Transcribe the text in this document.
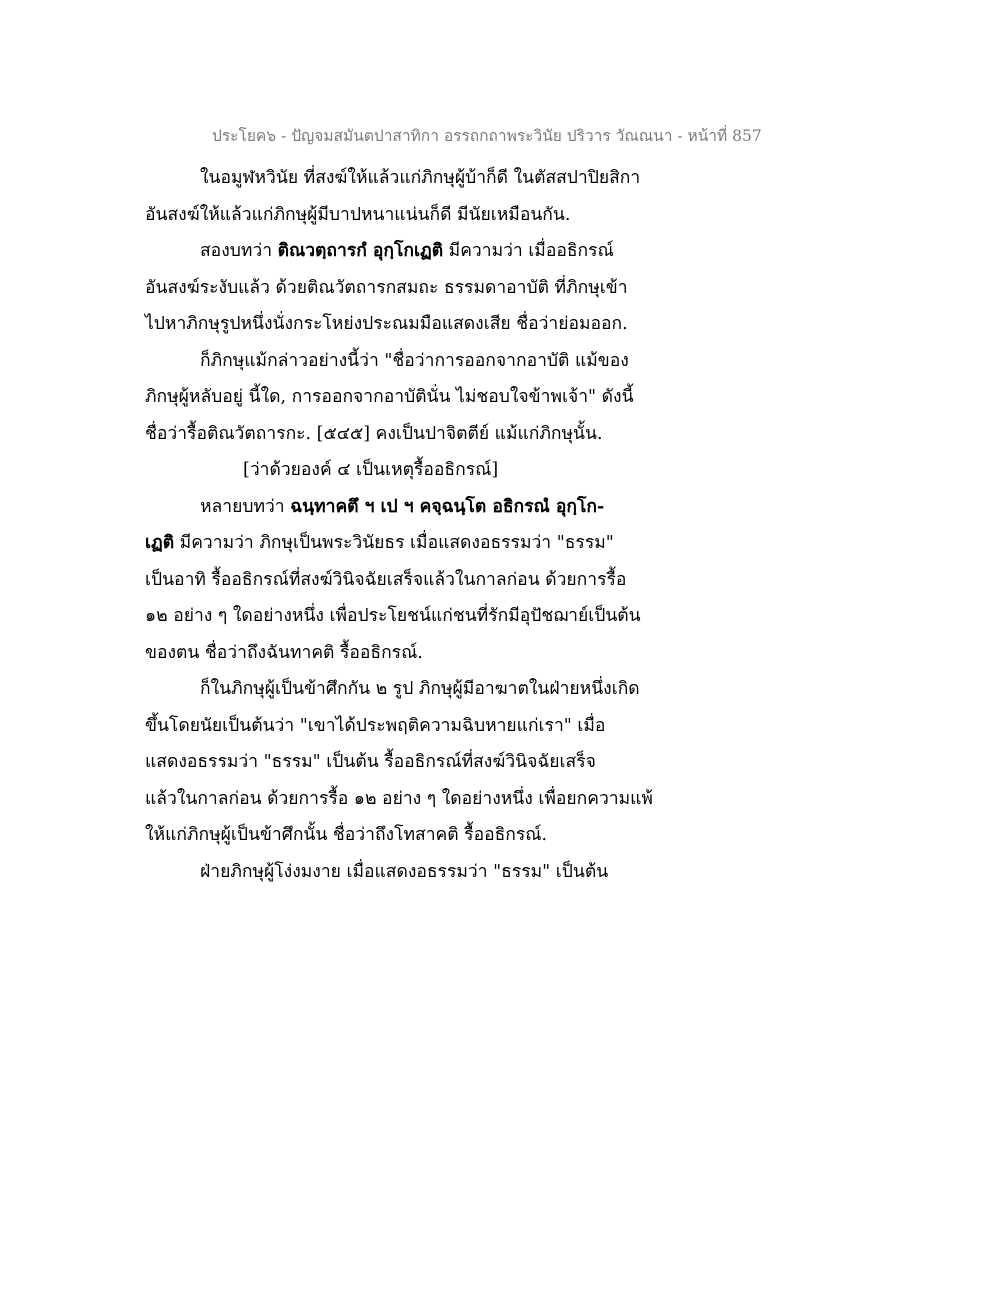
ประโยค๖ - ปัญจมสมันตปาสาทิกา อรรถกถาพระวินัย ปริวาร วัณณนา - หน้าที่ 857
ในอมูฬหวินัย ที่สงฆ์ให้แล้วแก่ภิกษุผู้บ้าก็ดี ในตัสสปาปิยสิกา
อันสงฆ์ให้แล้วแก่ภิกษุผู้มีบาปหนาแน่นก็ดี มีนัยเหมือนกัน.
สองบทว่า ติณวตฺถารกํ อุกฺโกเฏติ มีความว่า เมื่ออธิกรณ์
อันสงฆ์ระงับแล้ว ด้วยติณวัตถารกสมถะ ธรรมดาอาบัติ ที่ภิกษุเข้า
ไปหาภิกษุรูปหนึ่งนั่งกระโหย่งประณมมือแสดงเสีย ชื่อว่าย่อมออก.
ก็ภิกษุแม้กล่าวอย่างนี้ว่า "ชื่อว่าการออกจากอาบัติ แม้ของ
ภิกษุผู้หลับอยู่ นี้ใด, การออกจากอาบัตินั่น ไม่ชอบใจข้าพเจ้า" ดังนี้
ชื่อว่ารื้อติณวัตถารกะ. [๕๔๕] คงเป็นปาจิตตีย์ แม้แก่ภิกษุนั้น.
[ว่าด้วยองค์ ๔ เป็นเหตุรื้ออธิกรณ์]
หลายบทว่า ฉนฺทาคตึ ฯ เป ฯ คจฺฉนฺโต อธิกรณํ อุกฺโก-
เฏติ มีความว่า ภิกษุเป็นพระวินัยธร เมื่อแสดงอธรรมว่า "ธรรม"
เป็นอาทิ รื้ออธิกรณ์ที่สงฆ์วินิจฉัยเสร็จแล้วในกาลก่อน ด้วยการรื้อ
๑๒ อย่าง ๆ ใดอย่างหนึ่ง เพื่อประโยชน์แก่ชนที่รักมีอุปัชฌาย์เป็นต้น
ของตน ชื่อว่าถึงฉันทาคติ รื้ออธิกรณ์.
ก็ในภิกษุผู้เป็นข้าศึกกัน ๒ รูป ภิกษุผู้มีอาฆาตในฝ่ายหนึ่งเกิด
ขึ้นโดยนัยเป็นต้นว่า "เขาได้ประพฤติความฉิบหายแก่เรา" เมื่อ
แสดงอธรรมว่า "ธรรม" เป็นต้น รื้ออธิกรณ์ที่สงฆ์วินิจฉัยเสร็จ
แล้วในกาลก่อน ด้วยการรื้อ ๑๒ อย่าง ๆ ใดอย่างหนึ่ง เพื่อยกความแพ้
ให้แก่ภิกษุผู้เป็นข้าศึกนั้น ชื่อว่าถึงโทสาคติ รื้ออธิกรณ์.
ฝ่ายภิกษุผู้โง่งมงาย เมื่อแสดงอธรรมว่า "ธรรม" เป็นต้น
